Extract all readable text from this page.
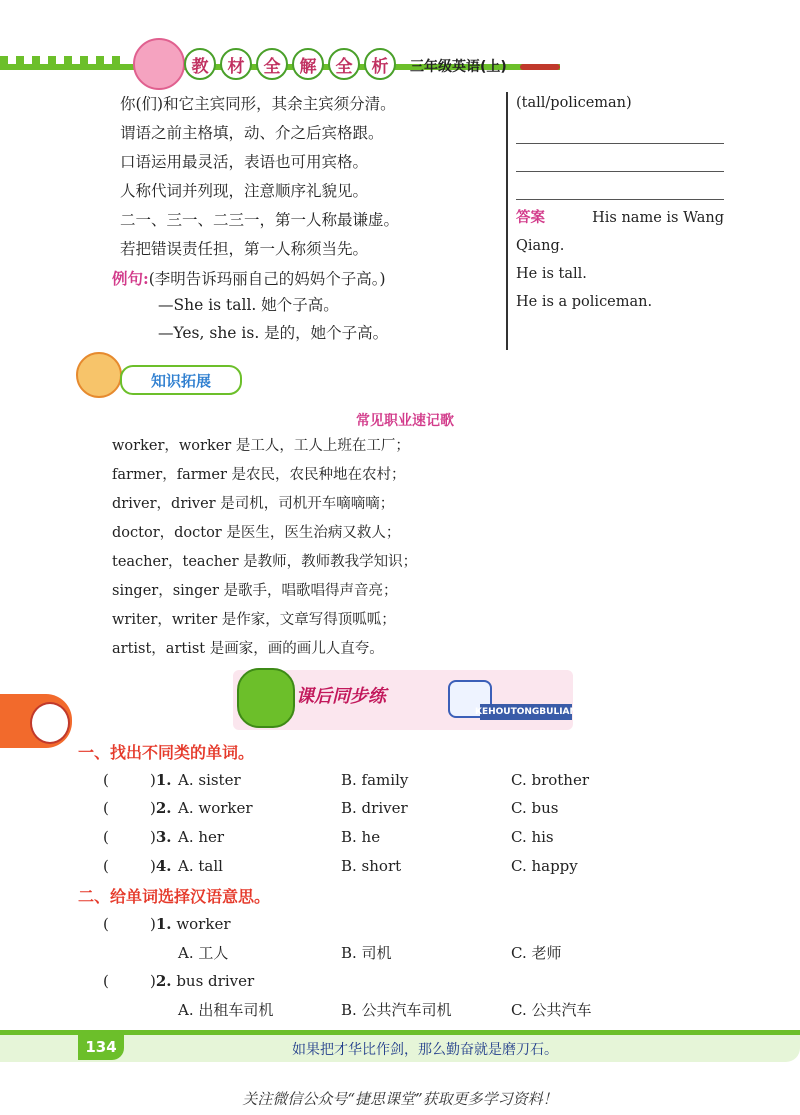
教	材	全	解	全	析	三年级英语(上)
你(们)和它主宾同形，其余主宾须分清。
谓语之前主格填，动、介之后宾格跟。
口语运用最灵活，表语也可用宾格。
人称代词并列现，注意顺序礼貌见。
二一、三一、二三一，第一人称最谦虚。
若把错误责任担，第一人称须当先。
例句:(李明告诉玛丽自己的妈妈个子高。)
—She is tall. 她个子高。
—Yes, she is. 是的，她个子高。
(tall/policeman)
答案	His name is Wang
Qiang.
He is tall.
He is a policeman.
知识拓展
常见职业速记歌
worker，worker 是工人，工人上班在工厂；
farmer，farmer 是农民，农民种地在农村；
driver，driver 是司机，司机开车嘀嘀嘀；
doctor，doctor 是医生，医生治病又救人；
teacher，teacher 是教师，教师教我学知识；
singer，singer 是歌手，唱歌唱得声音亮；
writer，writer 是作家，文章写得顶呱呱；
artist，artist 是画家，画的画儿人直夸。
课后同步练
KEHOUTONGBULIAN
一、找出不同类的单词。
(	)1. A. sister	B. family	C. brother
(	)2. A. worker	B. driver	C. bus
(	)3. A. her	B. he	C. his
(	)4. A. tall	B. short	C. happy
二、给单词选择汉语意思。
(	)1. worker
A. 工人	B. 司机	C. 老师
(	)2. bus driver
A. 出租车司机	B. 公共汽车司机	C. 公共汽车
134	如果把才华比作剑，那么勤奋就是磨刀石。
关注微信公众号“捷思课堂”获取更多学习资料！
